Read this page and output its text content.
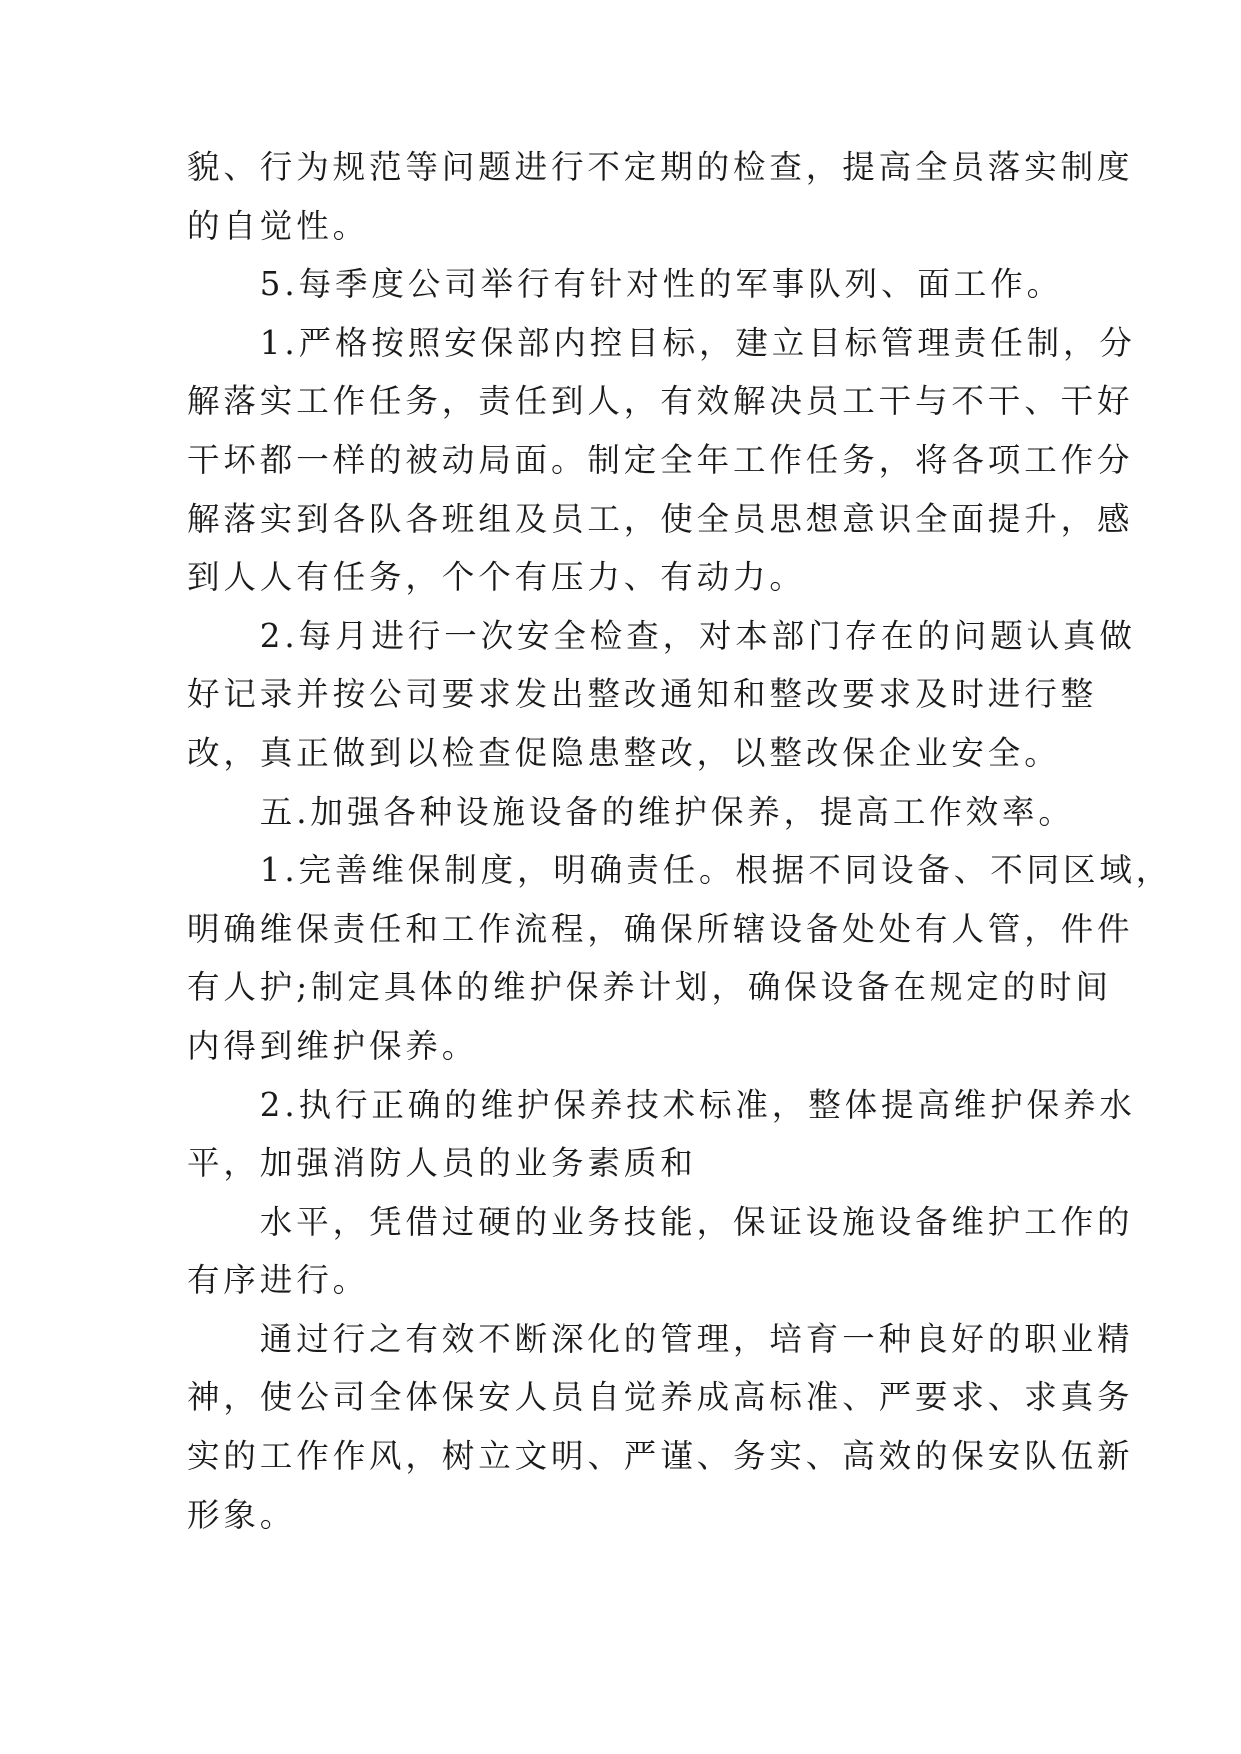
貌、行为规范等问题进行不定期的检查，提高全员落实制度
的自觉性。
　　5.每季度公司举行有针对性的军事队列、面工作。
　　1.严格按照安保部内控目标，建立目标管理责任制，分
解落实工作任务，责任到人，有效解决员工干与不干、干好
干坏都一样的被动局面。制定全年工作任务，将各项工作分
解落实到各队各班组及员工，使全员思想意识全面提升，感
到人人有任务，个个有压力、有动力。
　　2.每月进行一次安全检查，对本部门存在的问题认真做
好记录并按公司要求发出整改通知和整改要求及时进行整
改，真正做到以检查促隐患整改，以整改保企业安全。
　　五.加强各种设施设备的维护保养，提高工作效率。
　　1.完善维保制度，明确责任。根据不同设备、不同区域，
明确维保责任和工作流程，确保所辖设备处处有人管，件件
有人护;制定具体的维护保养计划，确保设备在规定的时间
内得到维护保养。
　　2.执行正确的维护保养技术标准，整体提高维护保养水
平，加强消防人员的业务素质和
　　水平，凭借过硬的业务技能，保证设施设备维护工作的
有序进行。
　　通过行之有效不断深化的管理，培育一种良好的职业精
神，使公司全体保安人员自觉养成高标准、严要求、求真务
实的工作作风，树立文明、严谨、务实、高效的保安队伍新
形象。
